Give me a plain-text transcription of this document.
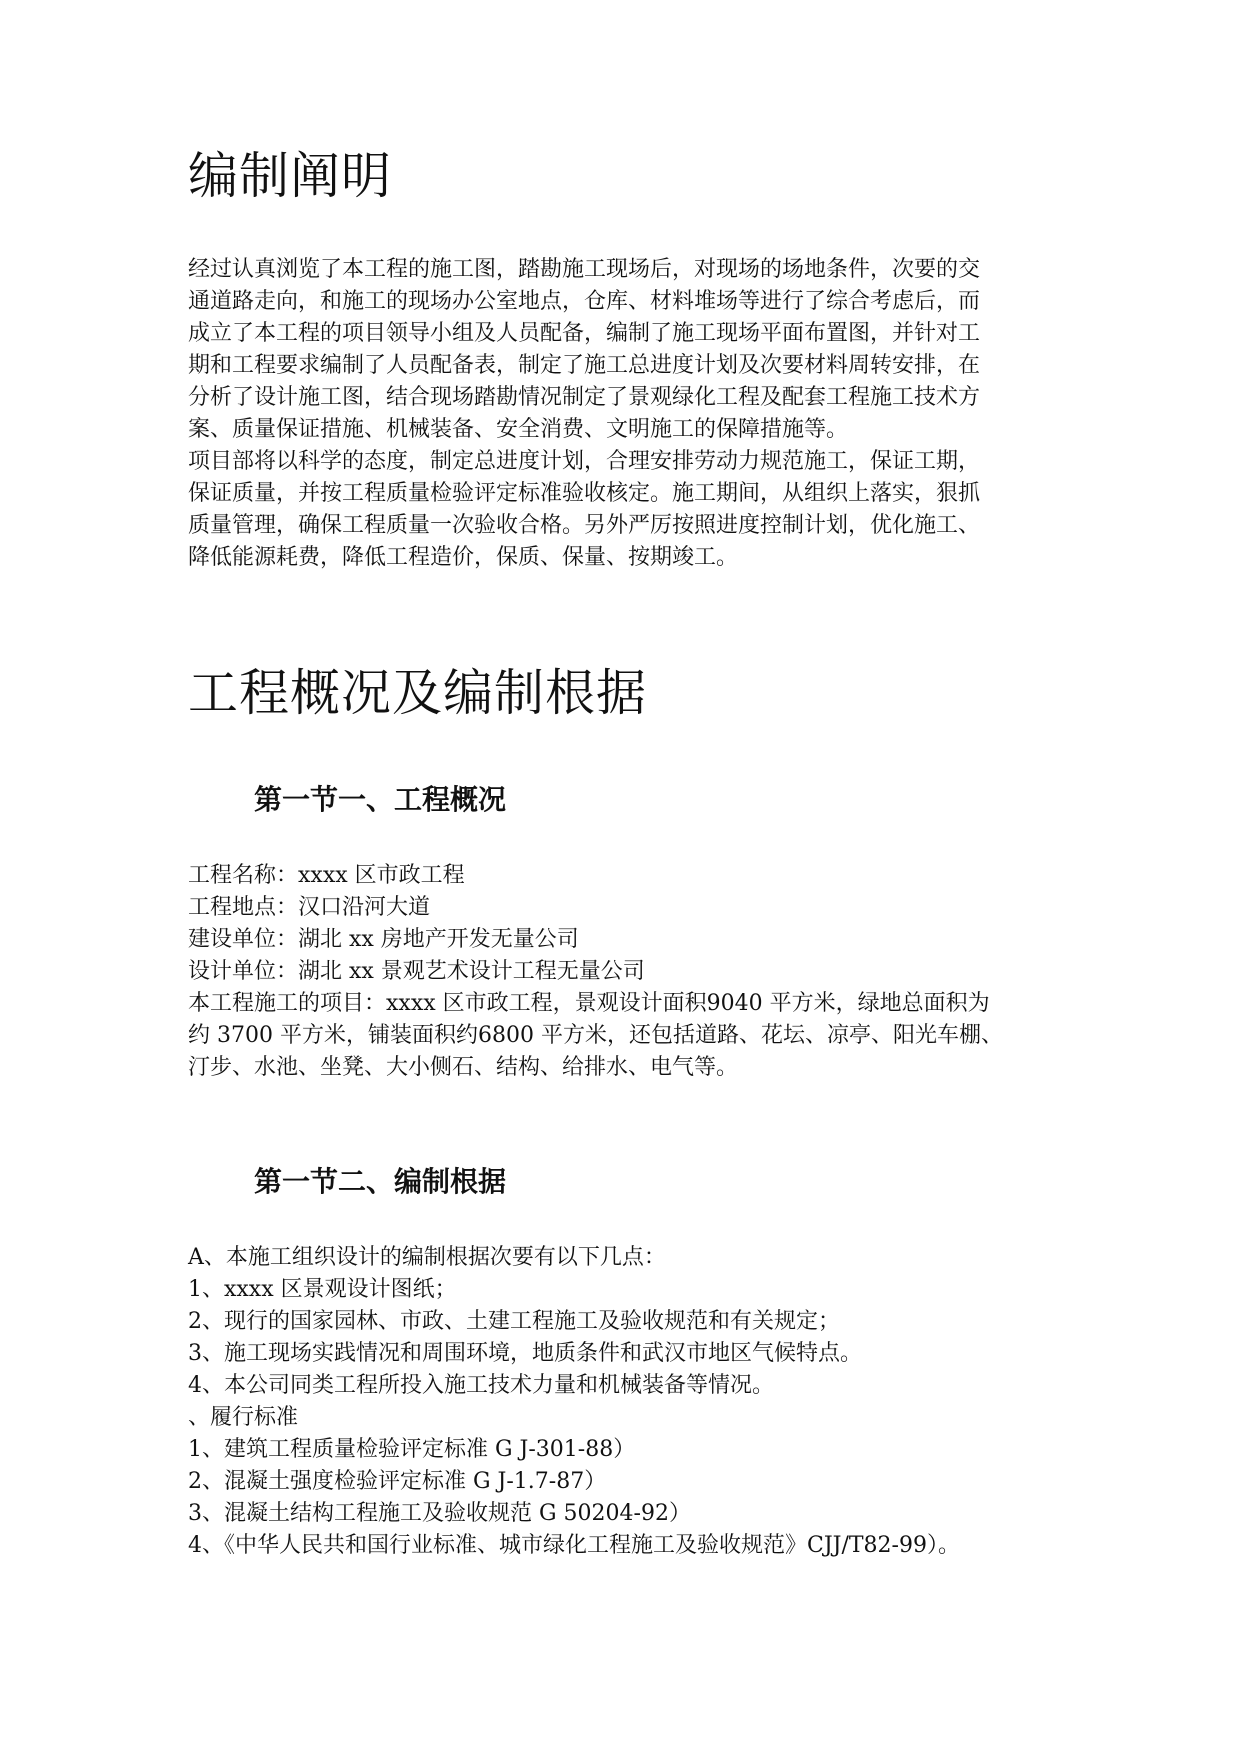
编制阐明
经过认真浏览了本工程的施工图，踏勘施工现场后，对现场的场地条件，次要的交
通道路走向，和施工的现场办公室地点，仓库、材料堆场等进行了综合考虑后，而
成立了本工程的项目领导小组及人员配备，编制了施工现场平面布置图，并针对工
期和工程要求编制了人员配备表，制定了施工总进度计划及次要材料周转安排，在
分析了设计施工图，结合现场踏勘情况制定了景观绿化工程及配套工程施工技术方
案、质量保证措施、机械装备、安全消费、文明施工的保障措施等。
项目部将以科学的态度，制定总进度计划，合理安排劳动力规范施工，保证工期，
保证质量，并按工程质量检验评定标准验收核定。施工期间，从组织上落实，狠抓
质量管理，确保工程质量一次验收合格。另外严厉按照进度控制计划，优化施工、
降低能源耗费，降低工程造价，保质、保量、按期竣工。
工程概况及编制根据
第一节一、工程概况
工程名称：xxxx 区市政工程
工程地点：汉口沿河大道
建设单位：湖北 xx 房地产开发无量公司
设计单位：湖北 xx 景观艺术设计工程无量公司
本工程施工的项目：xxxx 区市政工程，景观设计面积9040 平方米，绿地总面积为
约 3700 平方米，铺装面积约6800 平方米，还包括道路、花坛、凉亭、阳光车棚、
汀步、水池、坐凳、大小侧石、结构、给排水、电气等。
第一节二、编制根据
A、本施工组织设计的编制根据次要有以下几点：
1、xxxx 区景观设计图纸；
2、现行的国家园林、市政、土建工程施工及验收规范和有关规定；
3、施工现场实践情况和周围环境，地质条件和武汉市地区气候特点。
4、本公司同类工程所投入施工技术力量和机械装备等情况。
、履行标准
1、建筑工程质量检验评定标准 G J-301-88）
2、混凝土强度检验评定标准 G J-1.7-87）
3、混凝土结构工程施工及验收规范 G 50204-92）
4、《中华人民共和国行业标准、城市绿化工程施工及验收规范》CJJ/T82-99）。
